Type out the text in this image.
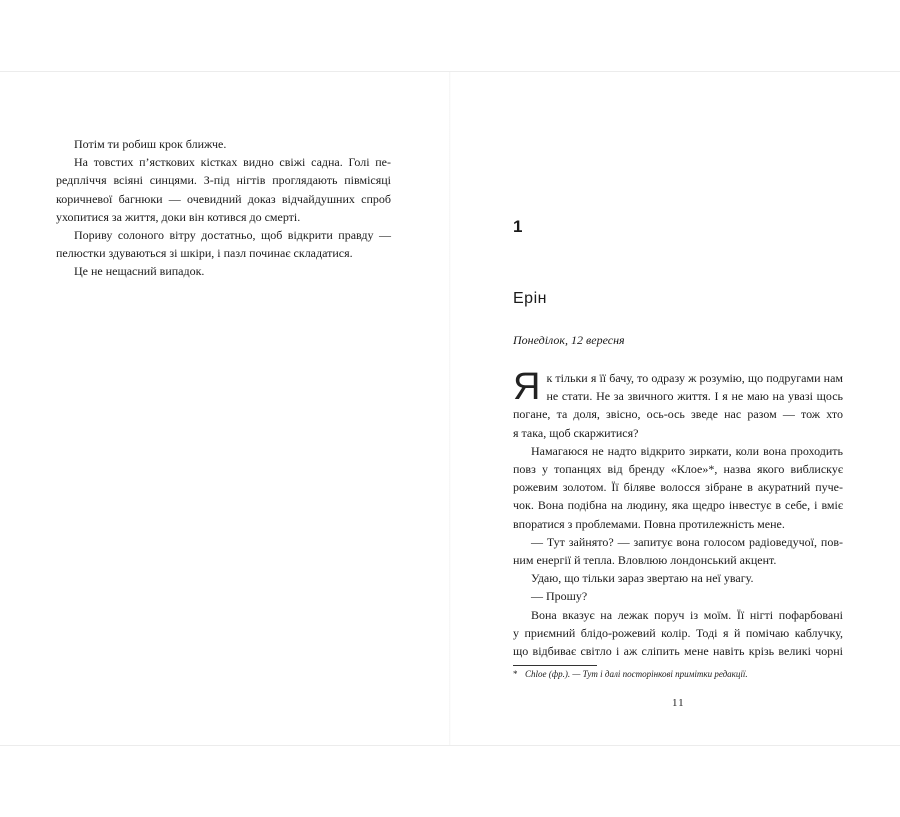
Потім ти робиш крок ближче.

На товстих п’ясткових кістках видно свіжі садна. Голі пе-
редпліччя всіяні синцями. З-під нігтів проглядають півмісяці
коричневої багнюки — очевидний доказ відчайдушних спроб
ухопитися за життя, доки він котився до смерті.

Пориву солоного вітру достатньо, щоб відкрити правду —
пелюстки здуваються зі шкіри, і пазл починає складатися.

Це не нещасний випадок.

1
Ерін
Понеділок, 12 вересня
Я к тільки я її бачу, то одразу ж розумію, що подругами нам
не стати. Не за звичного життя. І я не маю на увазі щось
погане, та доля, звісно, ось-ось зведе нас разом — тож хто
я така, щоб скаржитися?

Намагаюся не надто відкрито зиркати, коли вона проходить
повз у топанцях від бренду «Клое»*, назва якого виблискує
рожевим золотом. Її біляве волосся зібране в акуратний пуче-
чок. Вона подібна на людину, яка щедро інвестує в себе, і вміє
впоратися з проблемами. Повна протилежність мене.

— Тут зайнято? — запитує вона голосом радіоведучої, пов-
ним енергії й тепла. Вловлюю лондонський акцент.

Удаю, що тільки зараз звертаю на неї увагу.

— Прошу?

Вона вказує на лежак поруч із моїм. Її нігті пофарбовані
у приємний блідо-рожевий колір. Тоді я й помічаю каблучку,
що відбиває світло і аж сліпить мене навіть крізь великі чорні

* Chloe (фр.). — Тут і далі посторінкові примітки редакції.
11
